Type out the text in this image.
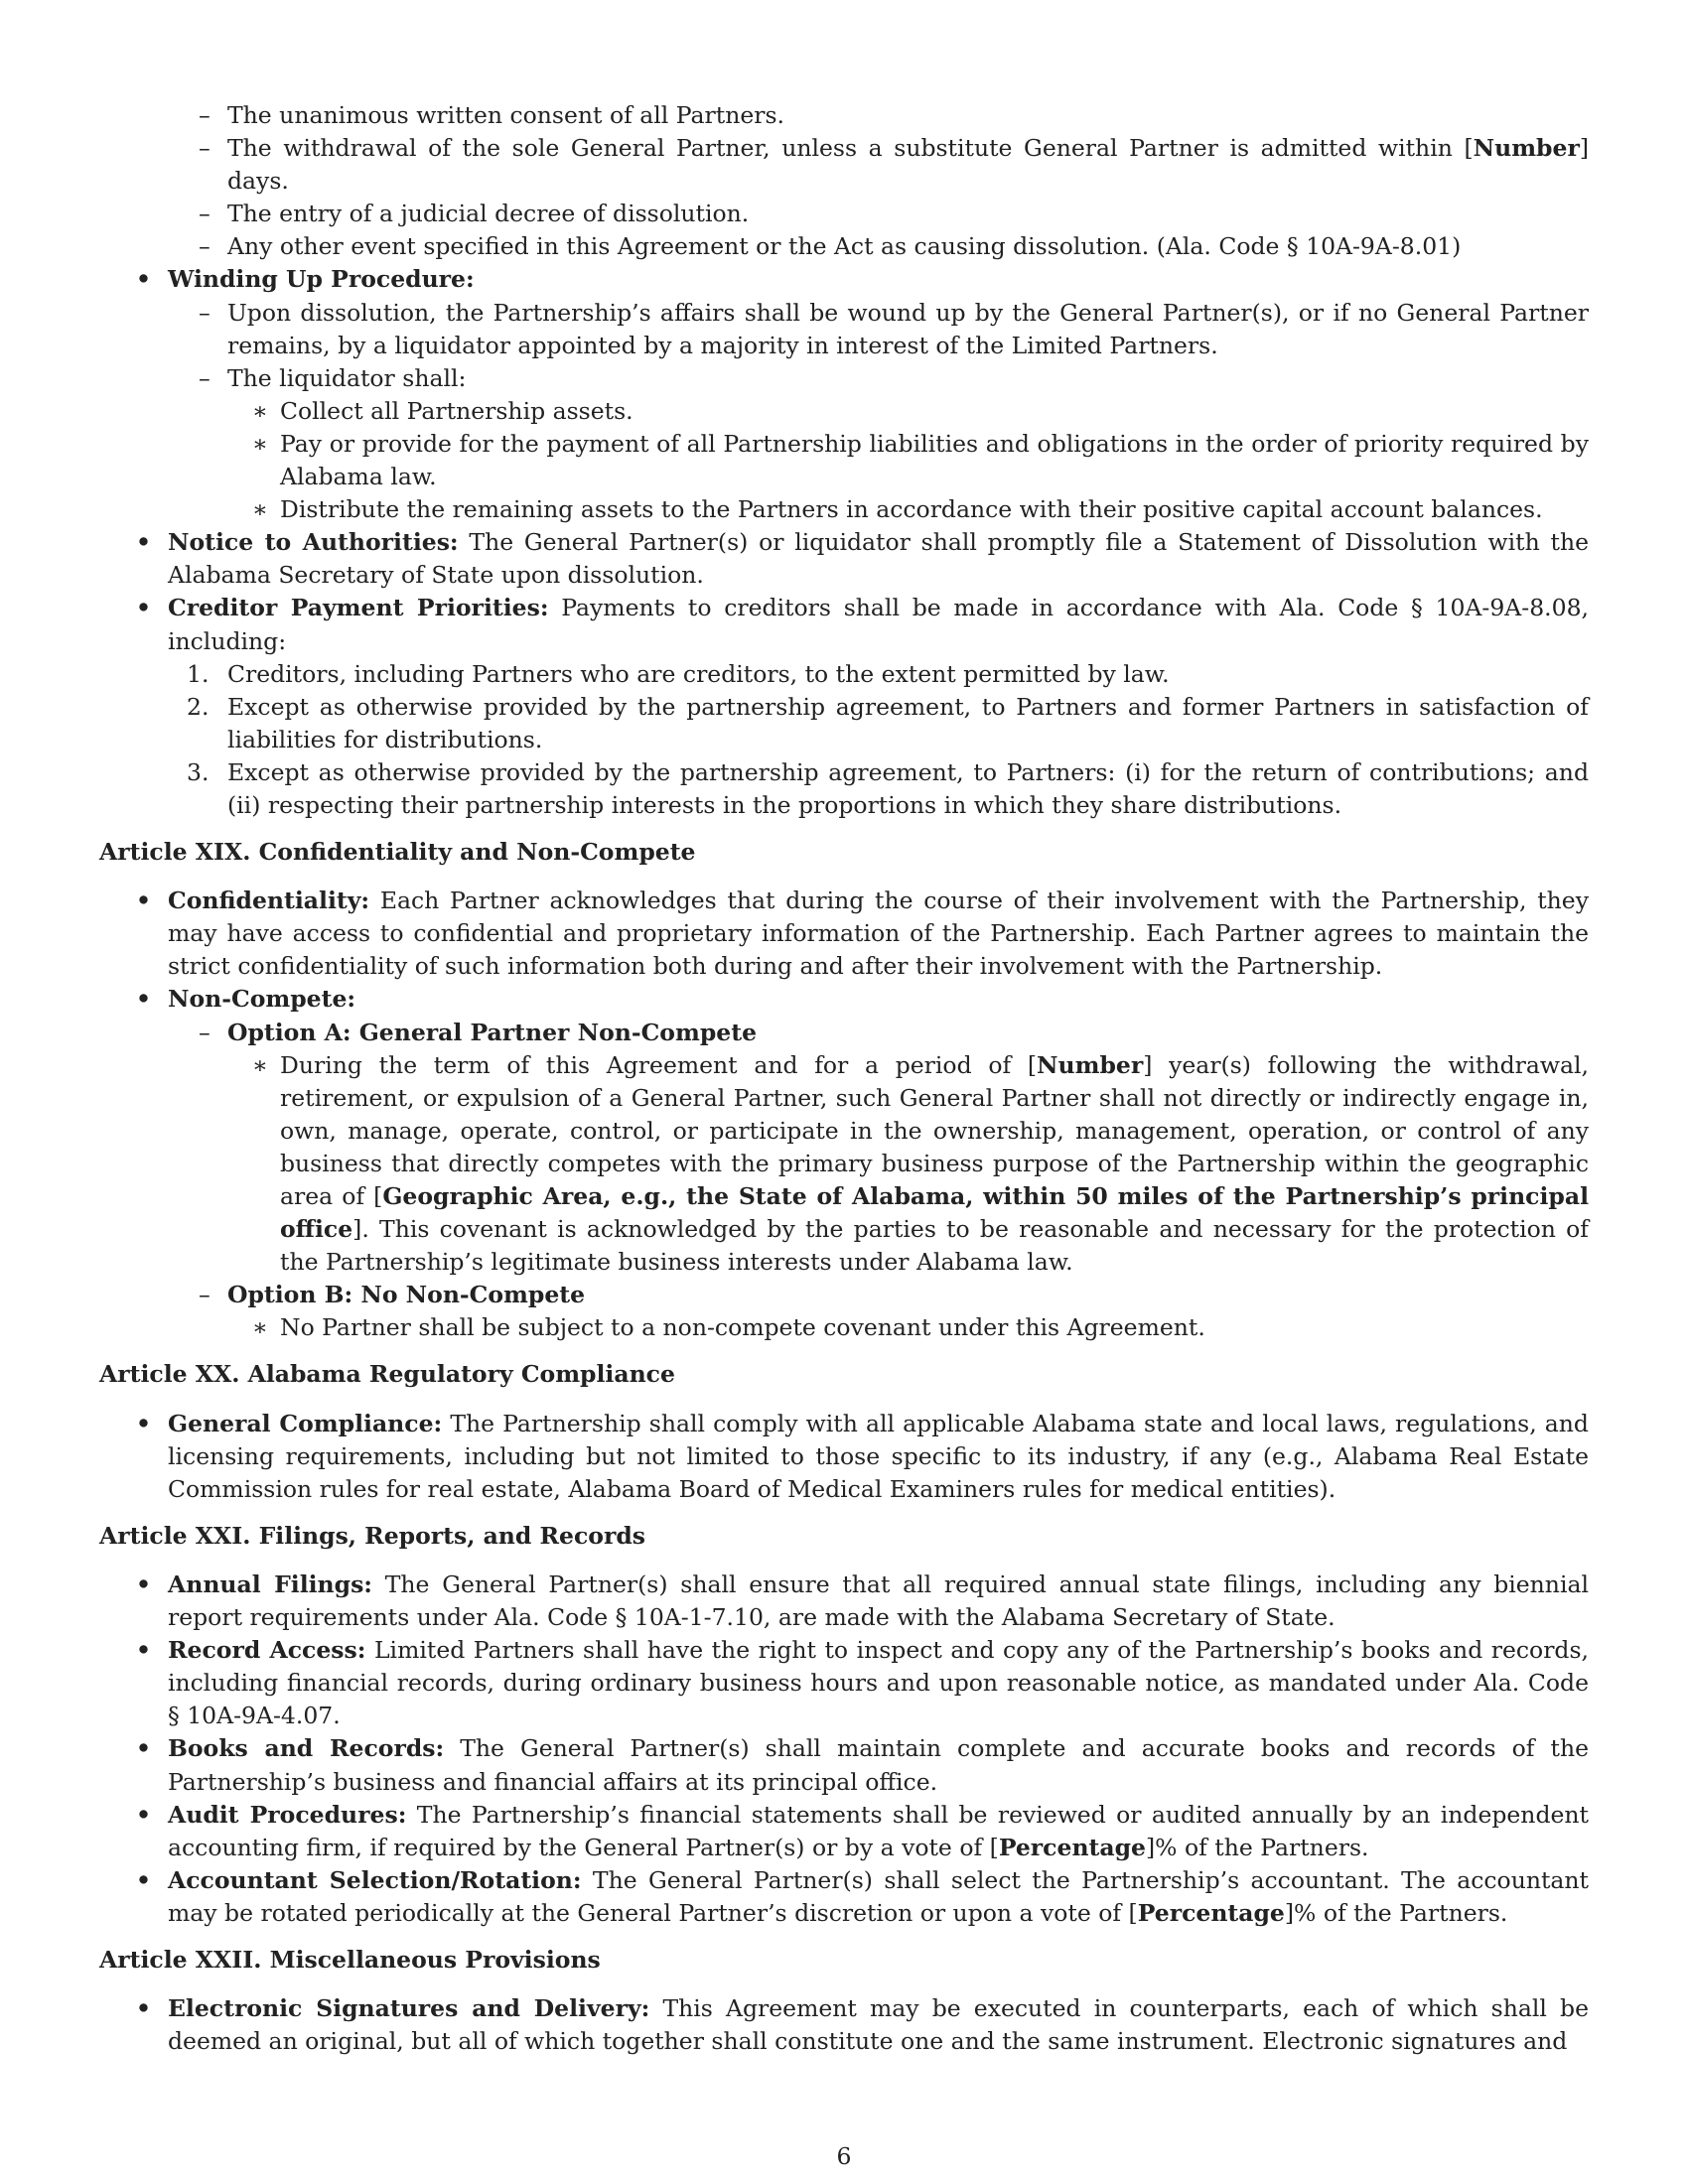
– The unanimous written consent of all Partners.
– The withdrawal of the sole General Partner, unless a substitute General Partner is admitted within [Number] days.
– The entry of a judicial decree of dissolution.
– Any other event specified in this Agreement or the Act as causing dissolution. (Ala. Code § 10A-9A-8.01)
• Winding Up Procedure:
– Upon dissolution, the Partnership’s affairs shall be wound up by the General Partner(s), or if no General Partner remains, by a liquidator appointed by a majority in interest of the Limited Partners.
– The liquidator shall:
∗ Collect all Partnership assets.
∗ Pay or provide for the payment of all Partnership liabilities and obligations in the order of priority required by Alabama law.
∗ Distribute the remaining assets to the Partners in accordance with their positive capital account balances.
• Notice to Authorities: The General Partner(s) or liquidator shall promptly file a Statement of Dissolution with the Alabama Secretary of State upon dissolution.
• Creditor Payment Priorities: Payments to creditors shall be made in accordance with Ala. Code § 10A-9A-8.08, including:
1. Creditors, including Partners who are creditors, to the extent permitted by law.
2. Except as otherwise provided by the partnership agreement, to Partners and former Partners in satisfaction of liabilities for distributions.
3. Except as otherwise provided by the partnership agreement, to Partners: (i) for the return of contributions; and (ii) respecting their partnership interests in the proportions in which they share distributions.
Article XIX. Confidentiality and Non-Compete
• Confidentiality: Each Partner acknowledges that during the course of their involvement with the Partnership, they may have access to confidential and proprietary information of the Partnership. Each Partner agrees to maintain the strict confidentiality of such information both during and after their involvement with the Partnership.
• Non-Compete:
– Option A: General Partner Non-Compete
∗ During the term of this Agreement and for a period of [Number] year(s) following the withdrawal, retirement, or expulsion of a General Partner, such General Partner shall not directly or indirectly engage in, own, manage, operate, control, or participate in the ownership, management, operation, or control of any business that directly competes with the primary business purpose of the Partnership within the geographic area of [Geographic Area, e.g., the State of Alabama, within 50 miles of the Partnership’s principal office]. This covenant is acknowledged by the parties to be reasonable and necessary for the protection of the Partnership’s legitimate business interests under Alabama law.
– Option B: No Non-Compete
∗ No Partner shall be subject to a non-compete covenant under this Agreement.
Article XX. Alabama Regulatory Compliance
• General Compliance: The Partnership shall comply with all applicable Alabama state and local laws, regulations, and licensing requirements, including but not limited to those specific to its industry, if any (e.g., Alabama Real Estate Commission rules for real estate, Alabama Board of Medical Examiners rules for medical entities).
Article XXI. Filings, Reports, and Records
• Annual Filings: The General Partner(s) shall ensure that all required annual state filings, including any biennial report requirements under Ala. Code § 10A-1-7.10, are made with the Alabama Secretary of State.
• Record Access: Limited Partners shall have the right to inspect and copy any of the Partnership’s books and records, including financial records, during ordinary business hours and upon reasonable notice, as mandated under Ala. Code § 10A-9A-4.07.
• Books and Records: The General Partner(s) shall maintain complete and accurate books and records of the Partnership’s business and financial affairs at its principal office.
• Audit Procedures: The Partnership’s financial statements shall be reviewed or audited annually by an independent accounting firm, if required by the General Partner(s) or by a vote of [Percentage]% of the Partners.
• Accountant Selection/Rotation: The General Partner(s) shall select the Partnership’s accountant. The accountant may be rotated periodically at the General Partner’s discretion or upon a vote of [Percentage]% of the Partners.
Article XXII. Miscellaneous Provisions
• Electronic Signatures and Delivery: This Agreement may be executed in counterparts, each of which shall be deemed an original, but all of which together shall constitute one and the same instrument. Electronic signatures and
6
